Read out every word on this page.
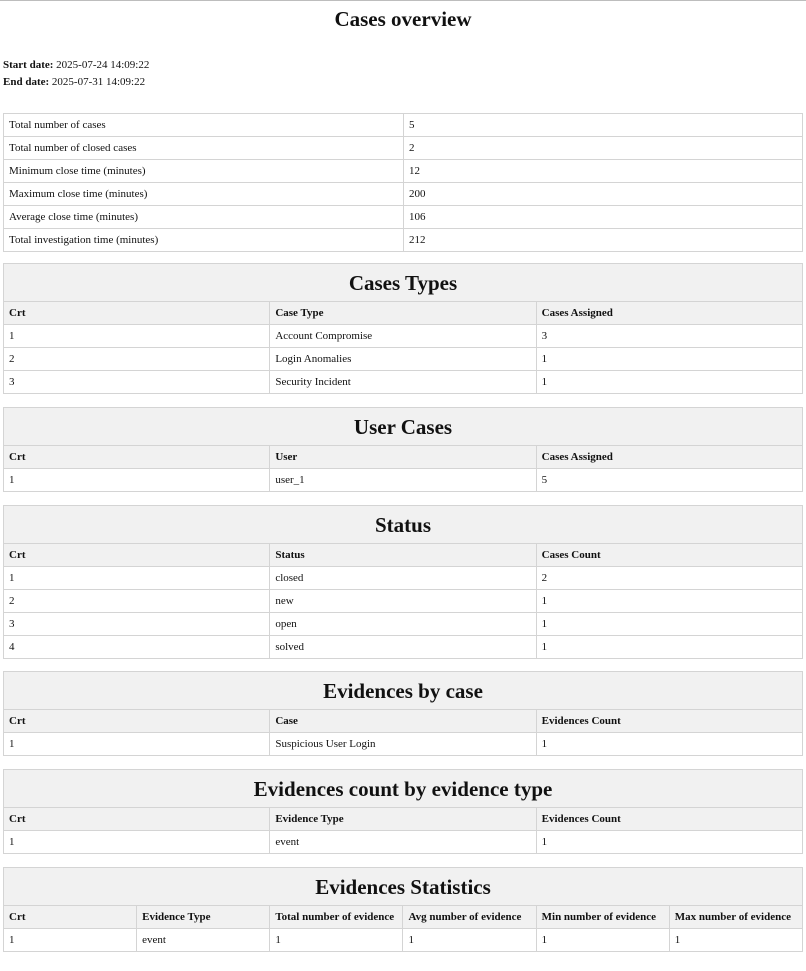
Cases overview
Start date: 2025-07-24 14:09:22
End date: 2025-07-31 14:09:22
Total number of cases	5
Total number of closed cases	2
Minimum close time (minutes)	12
Maximum close time (minutes)	200
Average close time (minutes)	106
Total investigation time (minutes)	212
Cases Types
Crt	Case Type	Cases Assigned
1	Account Compromise	3
2	Login Anomalies	1
3	Security Incident	1
User Cases
Crt	User	Cases Assigned
1	user_1	5
Status
Crt	Status	Cases Count
1	closed	2
2	new	1
3	open	1
4	solved	1
Evidences by case
Crt	Case	Evidences Count
1	Suspicious User Login	1
Evidences count by evidence type
Crt	Evidence Type	Evidences Count
1	event	1
Evidences Statistics
Crt	Evidence Type	Total number of evidence	Avg number of evidence	Min number of evidence	Max number of evidence
1	event	1	1	1	1
